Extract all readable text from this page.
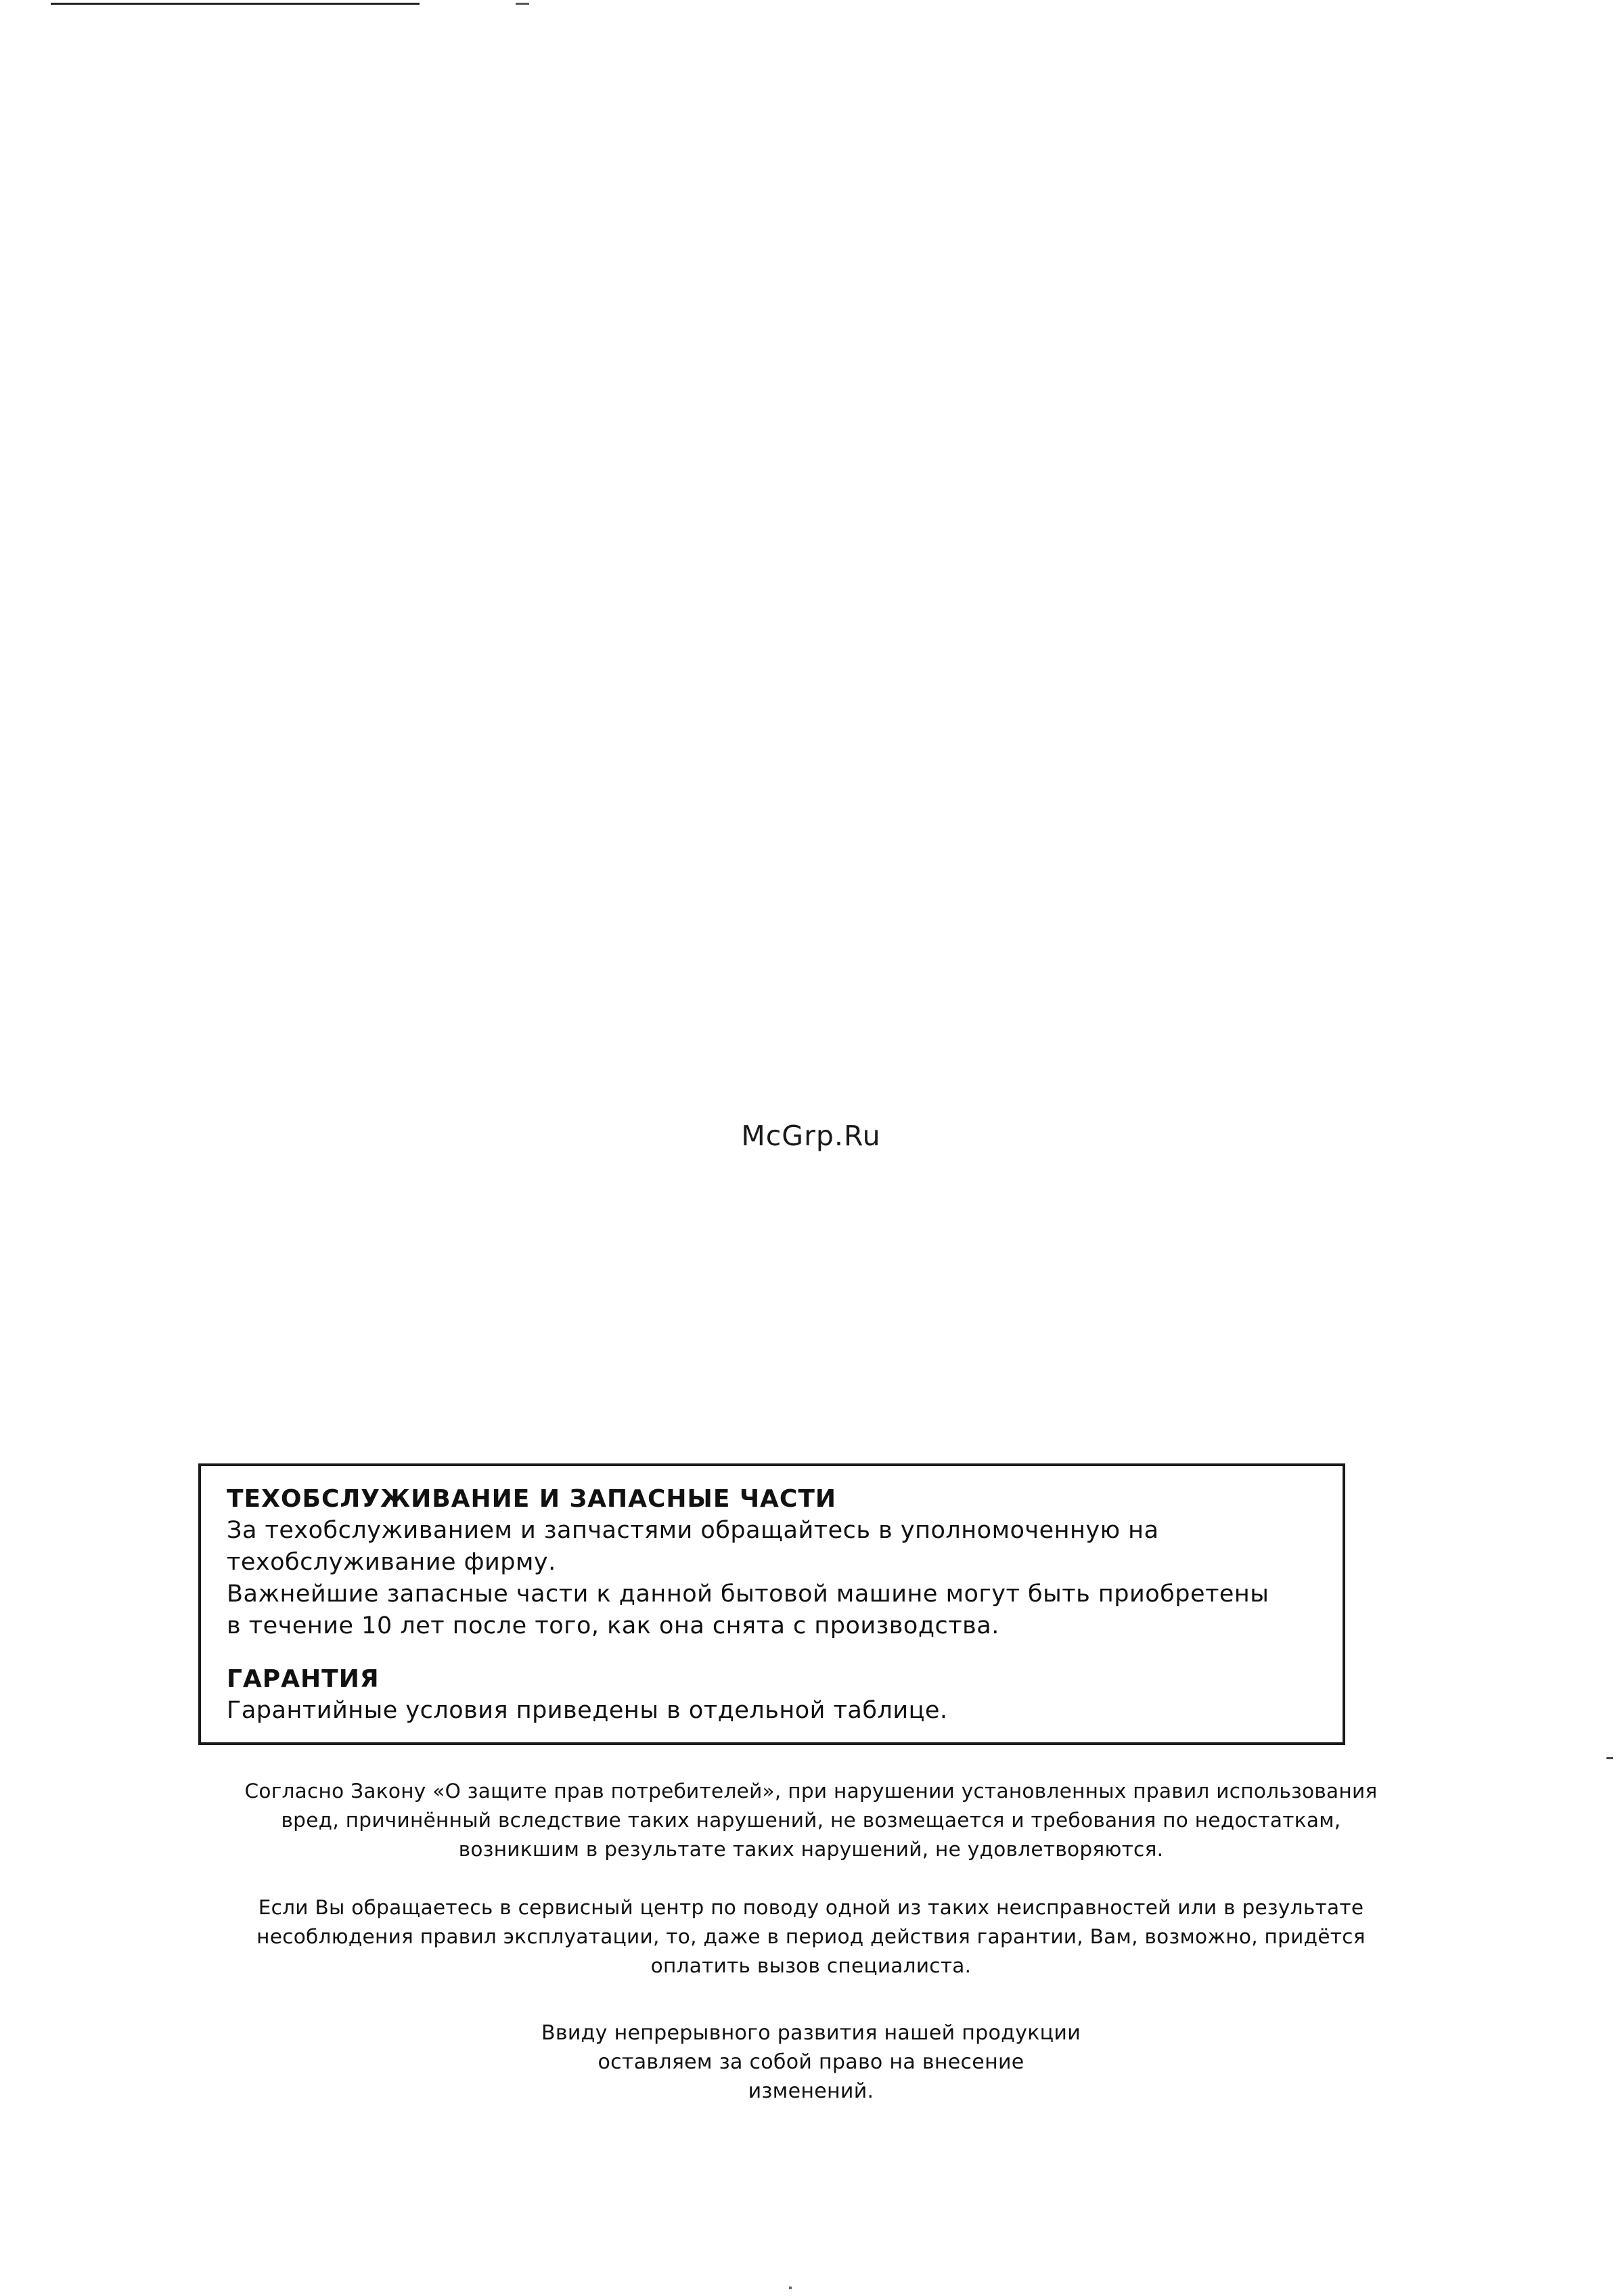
McGrp.Ru

ТЕХОБСЛУЖИВАНИЕ И ЗАПАСНЫЕ ЧАСТИ

За техобслуживанием и запчастями обращайтесь в уполномоченную на

техобслуживание фирму.

Важнейшие запасные части к данной бытовой машине могут быть приобретены

в течение 10 лет после того, как она снята с производства.

ГАРАНТИЯ

Гарантийные условия приведены в отдельной таблице.

Согласно Закону «О защите прав потребителей», при нарушении установленных правил использования

вред, причинённый вследствие таких нарушений, не возмещается и требования по недостаткам,

возникшим в результате таких нарушений, не удовлетворяются.

Если Вы обращаетесь в сервисный центр по поводу одной из таких неисправностей или в результате

несоблюдения правил эксплуатации, то, даже в период действия гарантии, Вам, возможно, придётся

оплатить вызов специалиста.

Ввиду непрерывного развития нашей продукции

оставляем за собой право на внесение

изменений.
